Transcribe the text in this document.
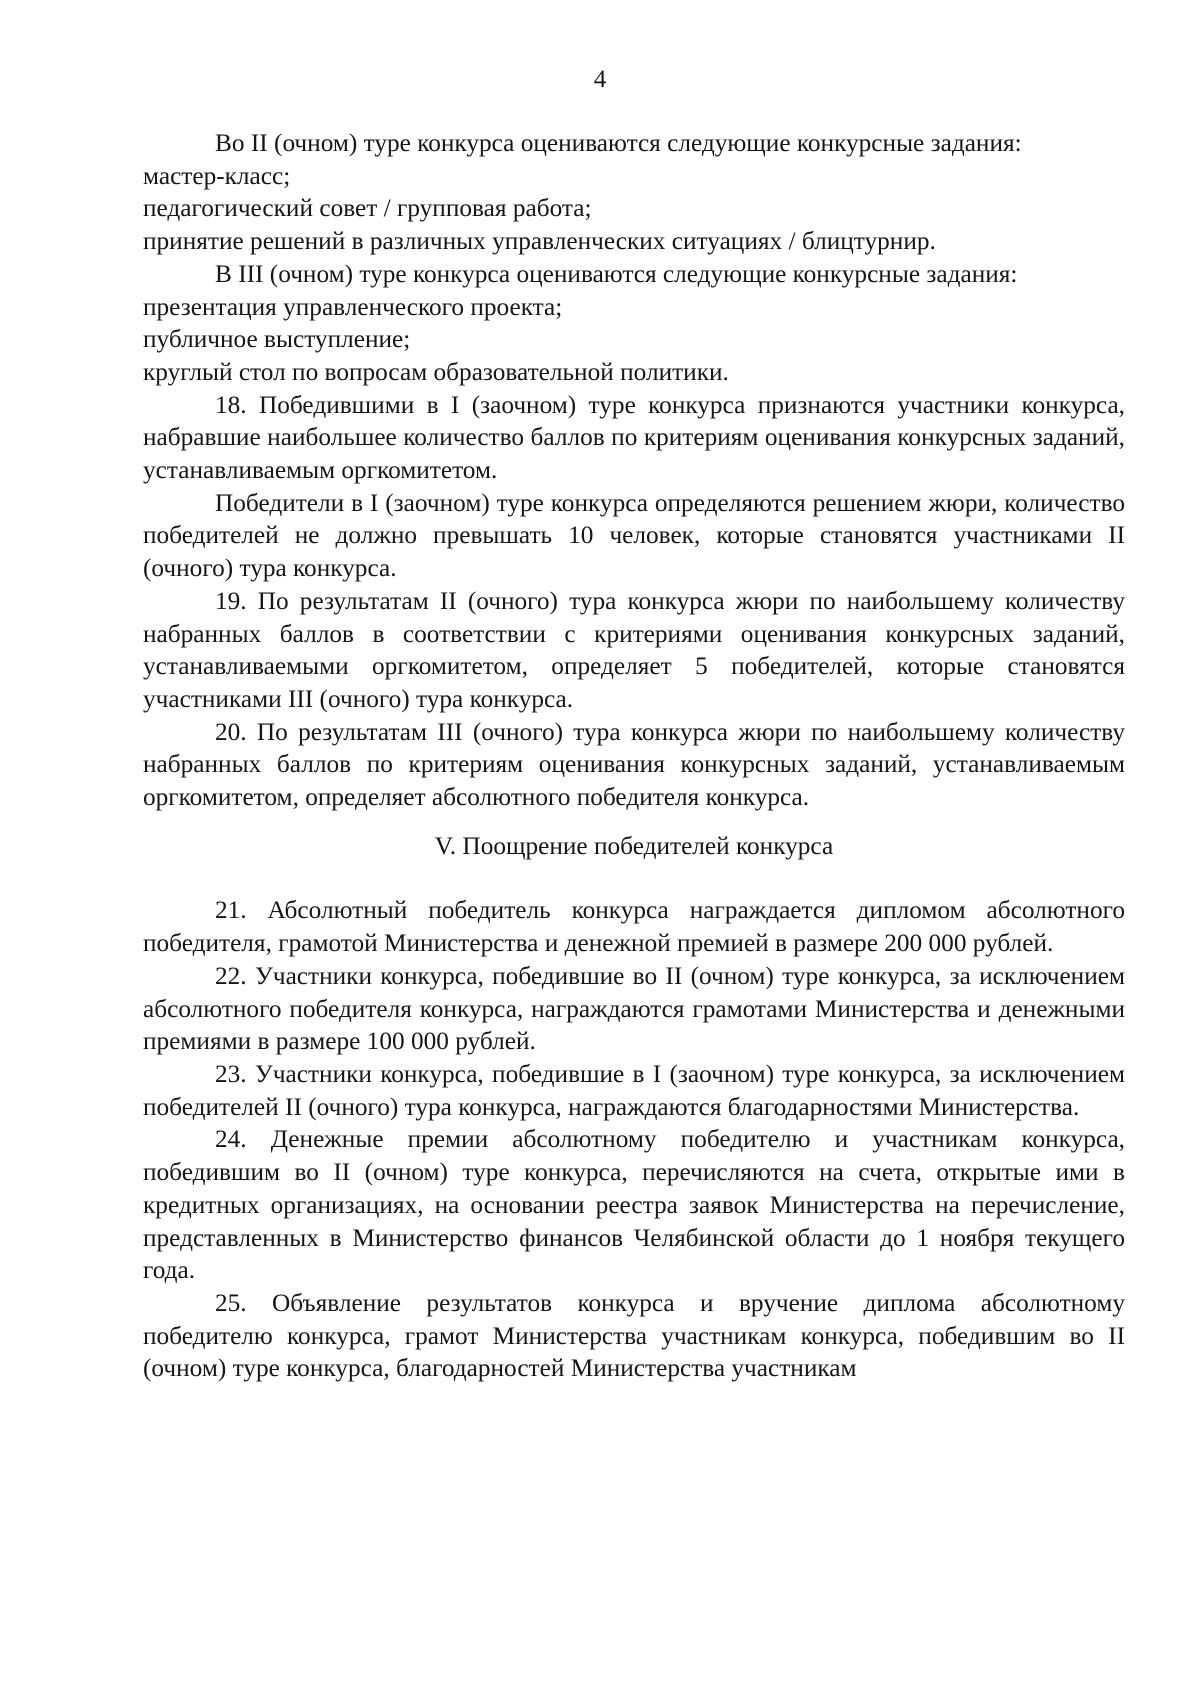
4

Во II (очном) туре конкурса оцениваются следующие конкурсные задания:

мастер-класс;

педагогический совет / групповая работа;

принятие решений в различных управленческих ситуациях / блицтурнир.

В III (очном) туре конкурса оцениваются следующие конкурсные задания:

презентация управленческого проекта;

публичное выступление;

круглый стол по вопросам образовательной политики.

18. Победившими в I (заочном) туре конкурса признаются участники конкурса, набравшие наибольшее количество баллов по критериям оценивания конкурсных заданий, устанавливаемым оргкомитетом.

Победители в I (заочном) туре конкурса определяются решением жюри, количество победителей не должно превышать 10 человек, которые становятся участниками II (очного) тура конкурса.

19. По результатам II (очного) тура конкурса жюри по наибольшему количеству набранных баллов в соответствии с критериями оценивания конкурсных заданий, устанавливаемыми оргкомитетом, определяет 5 победителей, которые становятся участниками III (очного) тура конкурса.

20. По результатам III (очного) тура конкурса жюри по наибольшему количеству набранных баллов по критериям оценивания конкурсных заданий, устанавливаемым оргкомитетом, определяет абсолютного победителя конкурса.

V. Поощрение победителей конкурса

21. Абсолютный победитель конкурса награждается дипломом абсолютного победителя, грамотой Министерства и денежной премией в размере 200 000 рублей.

22. Участники конкурса, победившие во II (очном) туре конкурса, за исключением абсолютного победителя конкурса, награждаются грамотами Министерства и денежными премиями в размере 100 000 рублей.

23. Участники конкурса, победившие в I (заочном) туре конкурса, за исключением победителей II (очного) тура конкурса, награждаются благодарностями Министерства.

24. Денежные премии абсолютному победителю и участникам конкурса, победившим во II (очном) туре конкурса, перечисляются на счета, открытые ими в кредитных организациях, на основании реестра заявок Министерства на перечисление, представленных в Министерство финансов Челябинской области до 1 ноября текущего года.

25. Объявление результатов конкурса и вручение диплома абсолютному победителю конкурса, грамот Министерства участникам конкурса, победившим во II (очном) туре конкурса, благодарностей Министерства участникам
